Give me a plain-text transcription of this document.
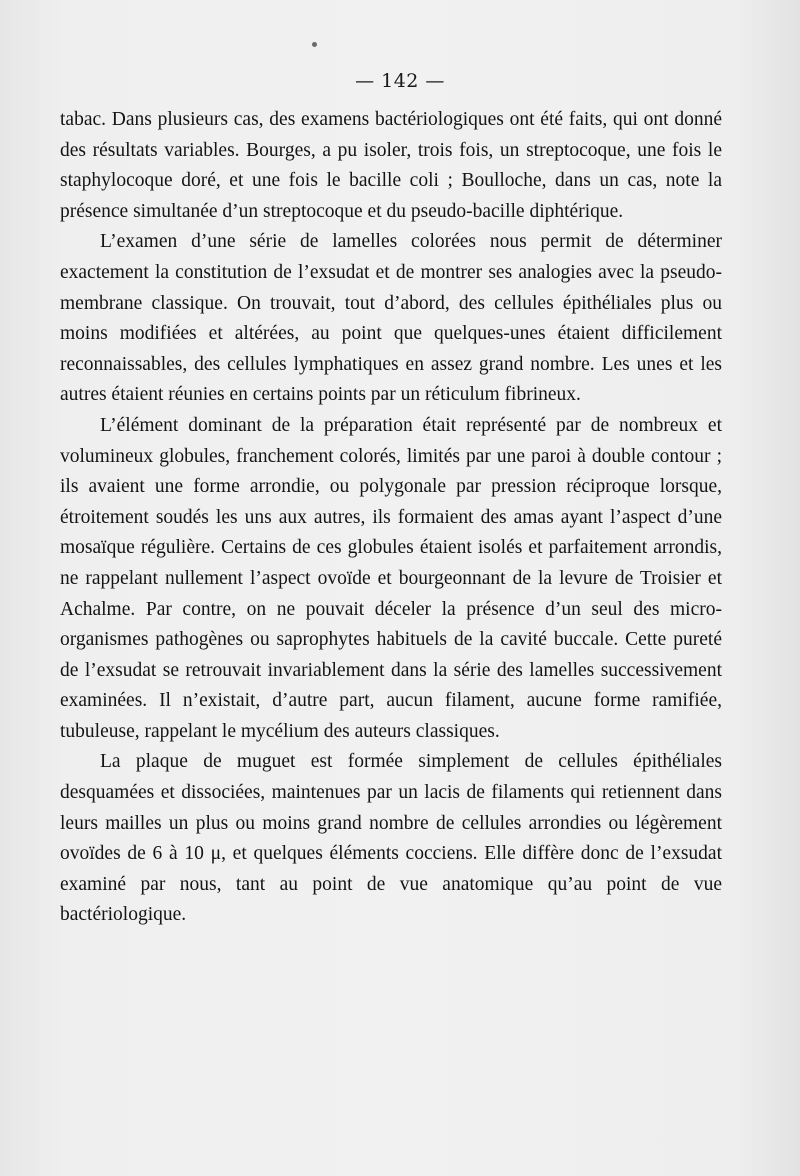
— 142 —

tabac. Dans plusieurs cas, des examens bactériologiques ont été faits, qui ont donné des résultats variables. Bourges, a pu isoler, trois fois, un streptocoque, une fois le staphylocoque doré, et une fois le bacille coli ; Boulloche, dans un cas, note la présence simultanée d’un streptocoque et du pseudo-bacille diphtérique.

L’examen d’une série de lamelles colorées nous permit de déterminer exactement la constitution de l’exsudat et de montrer ses analogies avec la pseudo-membrane classique. On trouvait, tout d’abord, des cellules épithéliales plus ou moins modifiées et altérées, au point que quelques-unes étaient difficilement reconnaissables, des cellules lymphatiques en assez grand nombre. Les unes et les autres étaient réunies en certains points par un réticulum fibrineux.

L’élément dominant de la préparation était représenté par de nombreux et volumineux globules, franchement colorés, limités par une paroi à double contour ; ils avaient une forme arrondie, ou polygonale par pression réciproque lorsque, étroitement soudés les uns aux autres, ils formaient des amas ayant l’aspect d’une mosaïque régulière. Certains de ces globules étaient isolés et parfaitement arrondis, ne rappelant nullement l’aspect ovoïde et bourgeonnant de la levure de Troisier et Achalme. Par contre, on ne pouvait déceler la présence d’un seul des micro-organismes pathogènes ou saprophytes habituels de la cavité buccale. Cette pureté de l’exsudat se retrouvait invariablement dans la série des lamelles successivement examinées. Il n’existait, d’autre part, aucun filament, aucune forme ramifiée, tubuleuse, rappelant le mycélium des auteurs classiques.

La plaque de muguet est formée simplement de cellules épithéliales desquamées et dissociées, maintenues par un lacis de filaments qui retiennent dans leurs mailles un plus ou moins grand nombre de cellules arrondies ou légèrement ovoïdes de 6 à 10 μ, et quelques éléments cocciens. Elle diffère donc de l’exsudat examiné par nous, tant au point de vue anatomique qu’au point de vue bactériologique.
